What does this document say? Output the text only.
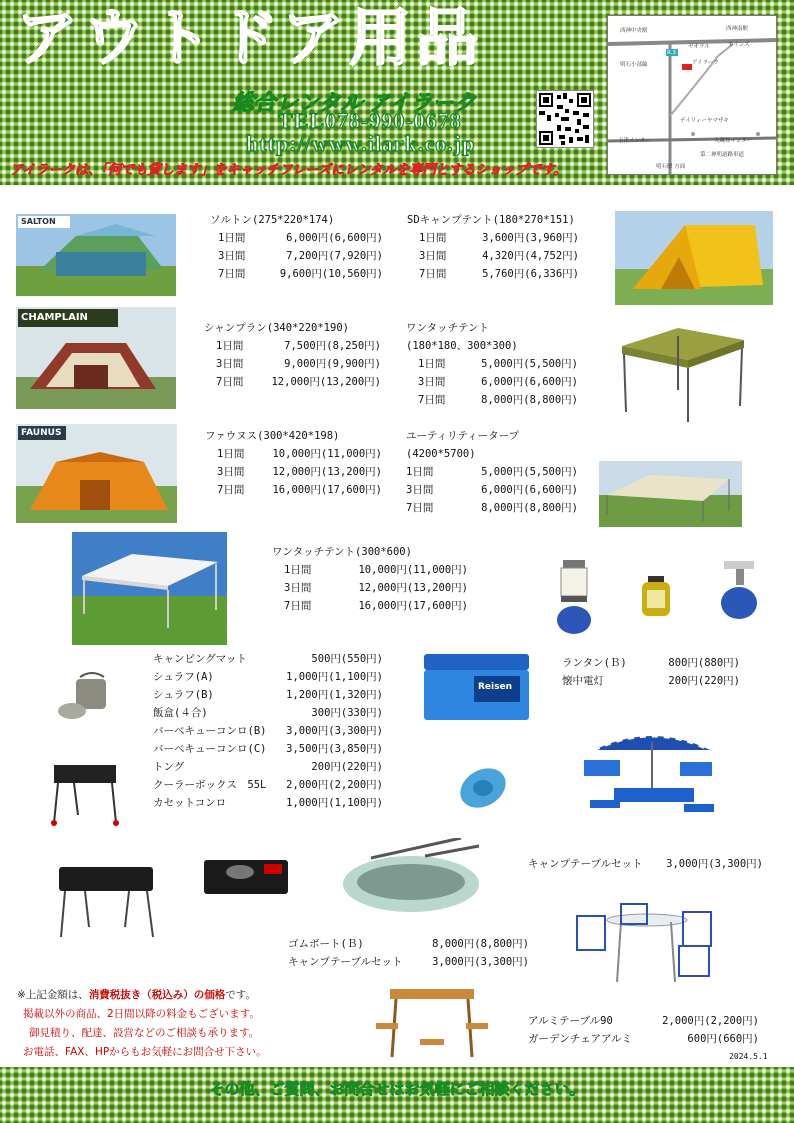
アウトドア用品
総合レンタル アイラーク
TEL078-990-0678
http://www.ilark.co.jp
アイラークは、「何でも貸します」をキャッチフレーズにレンタルを専門とするショップです。
西神中央駅	西神南駅
カインズ
ヤオラル
アイラーク
明石小部線
R.3
デイリィーヤマザキ
玉津インター	大蔵谷インター
第二神明道路車道
明石駅 方面
SALTON	ソルトン(275*220*174)
1日間	6,000円(6,600円)
3日間	7,200円(7,920円)
7日間	9,600円(10,560円)
SDキャンプテント(180*270*151)
1日間	3,600円(3,960円)
3日間	4,320円(4,752円)
7日間	5,760円(6,336円)
CHAMPLAIN
シャンプラン(340*220*190)
1日間	7,500円(8,250円)
3日間	9,000円(9,900円)
7日間	12,000円(13,200円)
ワンタッチテント
(180*180、300*300)
1日間	5,000円(5,500円)
3日間	6,000円(6,600円)
7日間	8,000円(8,800円)
FAUNUS	ファウヌス(300*420*198)
1日間	10,000円(11,000円)
3日間	12,000円(13,200円)
7日間	16,000円(17,600円)
ユーティリティータープ
(4200*5700)
1日間	5,000円(5,500円)
3日間	6,000円(6,600円)
7日間	8,000円(8,800円)
ワンタッチテント(300*600)
1日間	10,000円(11,000円)
3日間	12,000円(13,200円)
7日間	16,000円(17,600円)
キャンピングマット	500円(550円)
シュラフ(A)	1,000円(1,100円)
シュラフ(B)	1,200円(1,320円)
飯盒(４合)	300円(330円)
バーベキューコンロ(B)	3,000円(3,300円)
バーベキューコンロ(C)	3,500円(3,850円)
トング	200円(220円)
クーラーボックス　55L	2,000円(2,200円)
カセットコンロ	1,000円(1,100円)
Reisen
ランタン(Ｂ)	800円(880円)
懐中電灯	200円(220円)
キャンプテーブルセット	3,000円(3,300円)
ゴムボート(Ｂ)	8,000円(8,800円)
キャンプテーブルセット	3,000円(3,300円)
アルミテーブル90	2,000円(2,200円)
ガーデンチェアアルミ	600円(660円)
※上記金額は、消費税抜き（税込み）の価格です。
掲載以外の商品、2日間以降の料金もございます。
御見積り、配達、設営などのご相談も承ります。
お電話、FAX、HPからもお気軽にお問合せ下さい。	2024.5.1
その他、ご質問、お問合せはお気軽にご相談ください。
